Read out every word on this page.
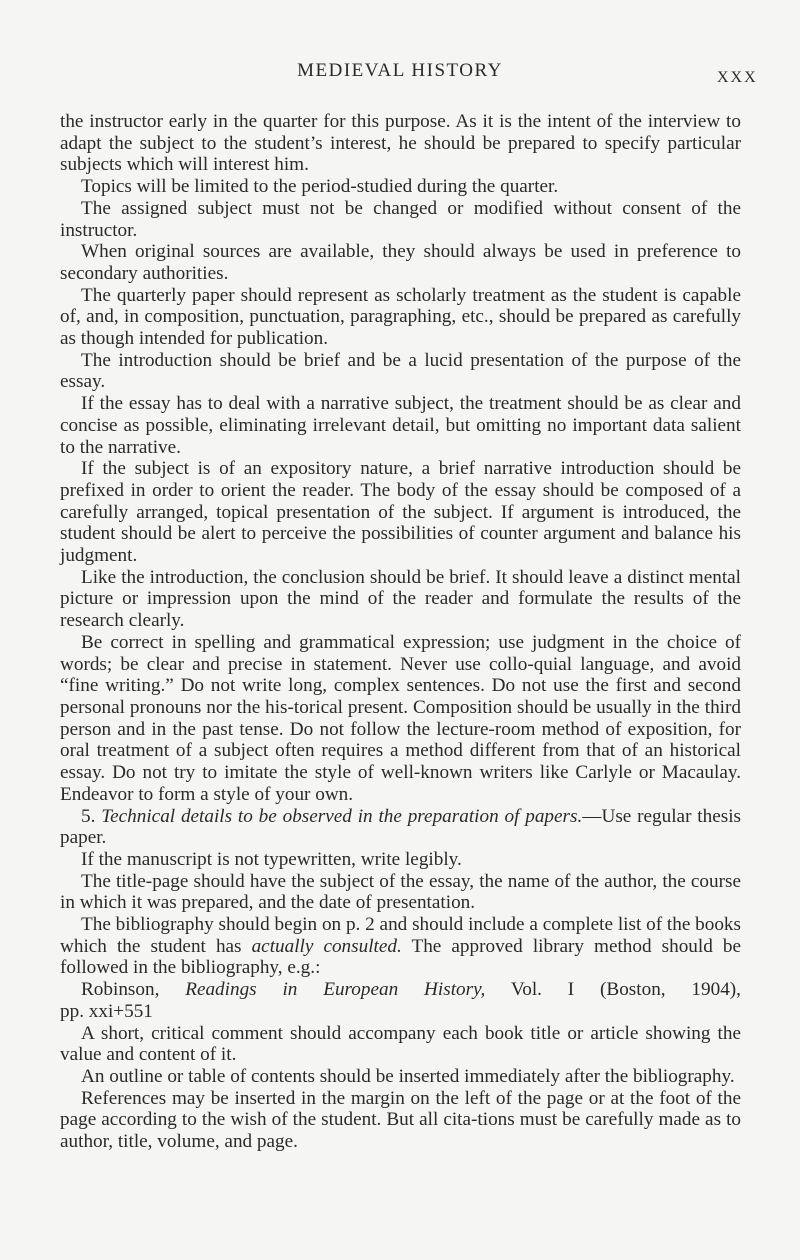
MEDIEVAL HISTORY	XXX

the instructor early in the quarter for this purpose. As it is the intent of the interview to adapt the subject to the student’s interest, he should be prepared to specify particular subjects which will interest him.

Topics will be limited to the period-studied during the quarter.

The assigned subject must not be changed or modified without consent of the instructor.

When original sources are available, they should always be used in preference to secondary authorities.

The quarterly paper should represent as scholarly treatment as the student is capable of, and, in composition, punctuation, paragraphing, etc., should be prepared as carefully as though intended for publication.

The introduction should be brief and be a lucid presentation of the purpose of the essay.

If the essay has to deal with a narrative subject, the treatment should be as clear and concise as possible, eliminating irrelevant detail, but omitting no important data salient to the narrative.

If the subject is of an expository nature, a brief narrative introduction should be prefixed in order to orient the reader. The body of the essay should be composed of a carefully arranged, topical presentation of the subject. If argument is introduced, the student should be alert to perceive the possibilities of counter argument and balance his judgment.

Like the introduction, the conclusion should be brief. It should leave a distinct mental picture or impression upon the mind of the reader and formulate the results of the research clearly.

Be correct in spelling and grammatical expression; use judgment in the choice of words; be clear and precise in statement. Never use collo-quial language, and avoid “fine writing.” Do not write long, complex sentences. Do not use the first and second personal pronouns nor the his-torical present. Composition should be usually in the third person and in the past tense. Do not follow the lecture-room method of exposition, for oral treatment of a subject often requires a method different from that of an historical essay. Do not try to imitate the style of well-known writers like Carlyle or Macaulay. Endeavor to form a style of your own.

5. Technical details to be observed in the preparation of papers.—Use regular thesis paper.

If the manuscript is not typewritten, write legibly.

The title-page should have the subject of the essay, the name of the author, the course in which it was prepared, and the date of presentation.

The bibliography should begin on p. 2 and should include a complete list of the books which the student has actually consulted. The approved library method should be followed in the bibliography, e.g.:

Robinson, Readings in European History, Vol. I (Boston, 1904),
pp. xxi+551

A short, critical comment should accompany each book title or article showing the value and content of it.

An outline or table of contents should be inserted immediately after the bibliography.

References may be inserted in the margin on the left of the page or at the foot of the page according to the wish of the student. But all cita-tions must be carefully made as to author, title, volume, and page.
